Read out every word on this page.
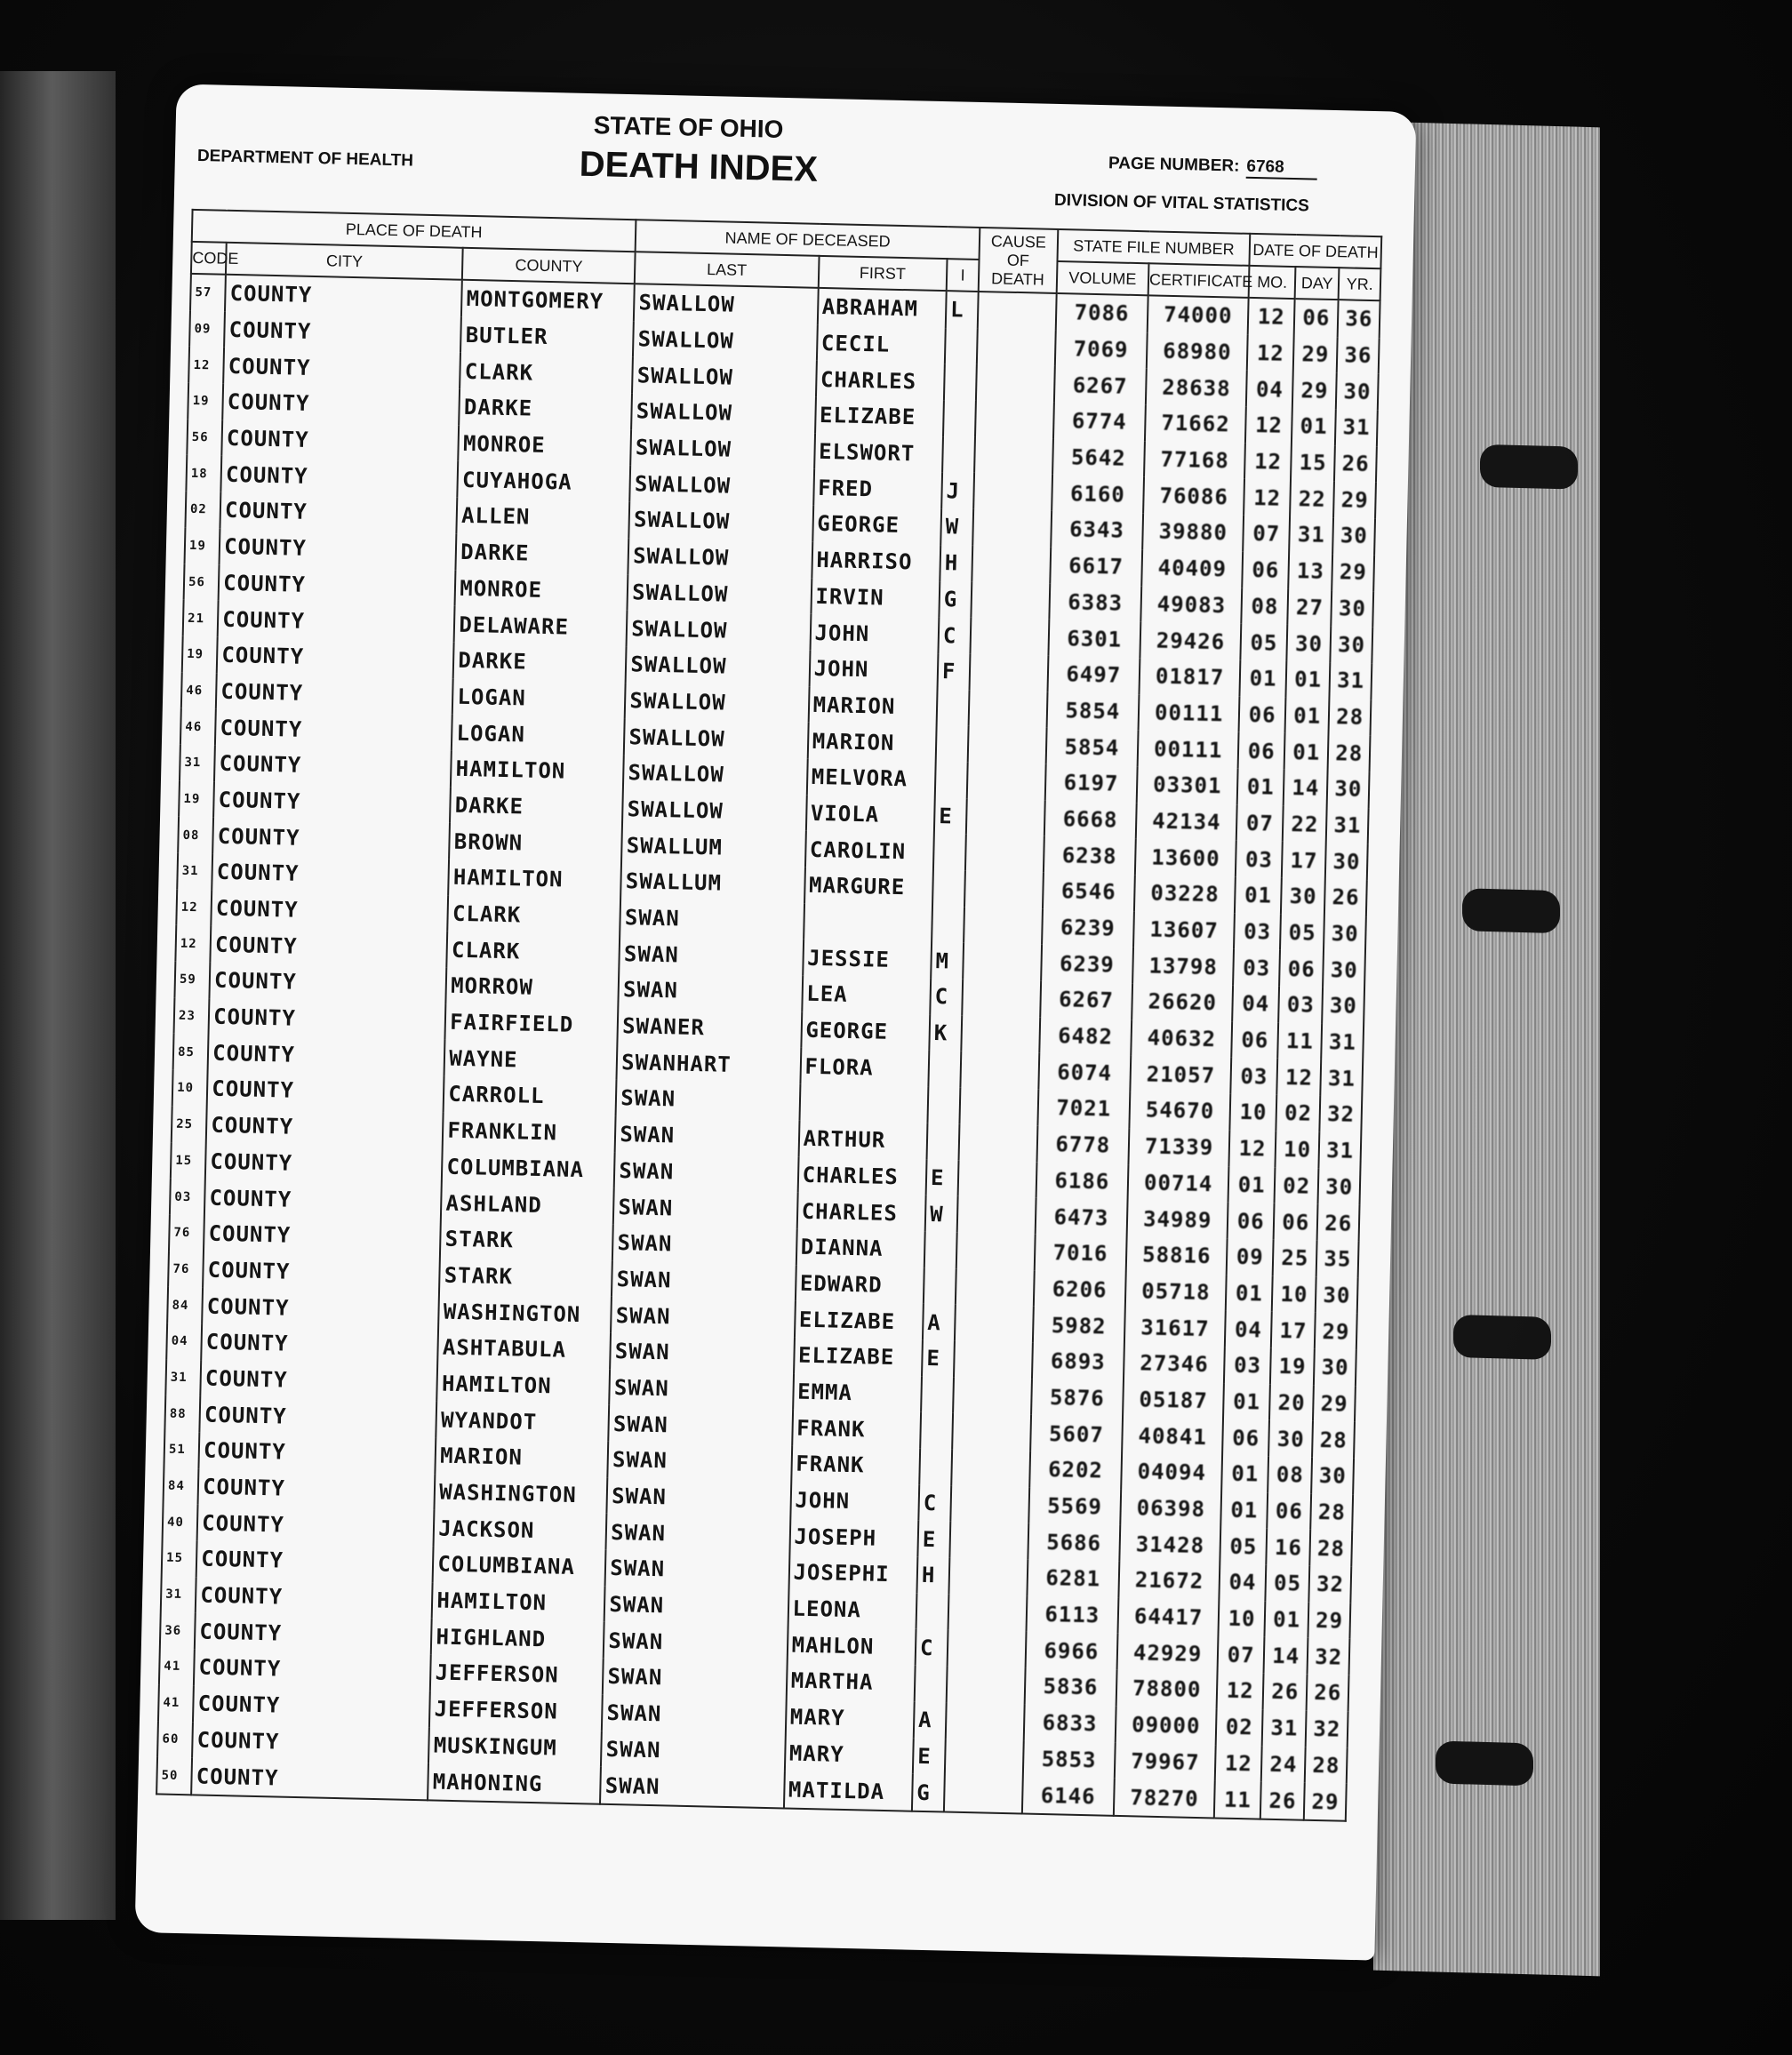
STATE OF OHIO
DEATH INDEX
DEPARTMENT OF HEALTH	PAGE NUMBER: 6768
DIVISION OF VITAL STATISTICS
PLACE OF DEATH			NAME OF DECEASED			CAUSE OF DEATH	STATE FILE NUMBER		DATE OF DEATH		
CODE	CITY	COUNTY	LAST	FIRST	I		VOLUME	CERTIFICATE	MO.	DAY	YR.
57	COUNTY	MONTGOMERY	SWALLOW	ABRAHAM	L		7086	74000	12	06	36
09	COUNTY	BUTLER	SWALLOW	CECIL			7069	68980	12	29	36
12	COUNTY	CLARK	SWALLOW	CHARLES			6267	28638	04	29	30
19	COUNTY	DARKE	SWALLOW	ELIZABE			6774	71662	12	01	31
56	COUNTY	MONROE	SWALLOW	ELSWORT			5642	77168	12	15	26
18	COUNTY	CUYAHOGA	SWALLOW	FRED	J		6160	76086	12	22	29
02	COUNTY	ALLEN	SWALLOW	GEORGE	W		6343	39880	07	31	30
19	COUNTY	DARKE	SWALLOW	HARRISO	H		6617	40409	06	13	29
56	COUNTY	MONROE	SWALLOW	IRVIN	G		6383	49083	08	27	30
21	COUNTY	DELAWARE	SWALLOW	JOHN	C		6301	29426	05	30	30
19	COUNTY	DARKE	SWALLOW	JOHN	F		6497	01817	01	01	31
46	COUNTY	LOGAN	SWALLOW	MARION			5854	00111	06	01	28
46	COUNTY	LOGAN	SWALLOW	MARION			5854	00111	06	01	28
31	COUNTY	HAMILTON	SWALLOW	MELVORA			6197	03301	01	14	30
19	COUNTY	DARKE	SWALLOW	VIOLA	E		6668	42134	07	22	31
08	COUNTY	BROWN	SWALLUM	CAROLIN			6238	13600	03	17	30
31	COUNTY	HAMILTON	SWALLUM	MARGURE			6546	03228	01	30	26
12	COUNTY	CLARK	SWAN				6239	13607	03	05	30
12	COUNTY	CLARK	SWAN	JESSIE	M		6239	13798	03	06	30
59	COUNTY	MORROW	SWAN	LEA	C		6267	26620	04	03	30
23	COUNTY	FAIRFIELD	SWANER	GEORGE	K		6482	40632	06	11	31
85	COUNTY	WAYNE	SWANHART	FLORA			6074	21057	03	12	31
10	COUNTY	CARROLL	SWAN				7021	54670	10	02	32
25	COUNTY	FRANKLIN	SWAN	ARTHUR			6778	71339	12	10	31
15	COUNTY	COLUMBIANA	SWAN	CHARLES	E		6186	00714	01	02	30
03	COUNTY	ASHLAND	SWAN	CHARLES	W		6473	34989	06	06	26
76	COUNTY	STARK	SWAN	DIANNA			7016	58816	09	25	35
76	COUNTY	STARK	SWAN	EDWARD			6206	05718	01	10	30
84	COUNTY	WASHINGTON	SWAN	ELIZABE	A		5982	31617	04	17	29
04	COUNTY	ASHTABULA	SWAN	ELIZABE	E		6893	27346	03	19	30
31	COUNTY	HAMILTON	SWAN	EMMA			5876	05187	01	20	29
88	COUNTY	WYANDOT	SWAN	FRANK			5607	40841	06	30	28
51	COUNTY	MARION	SWAN	FRANK			6202	04094	01	08	30
84	COUNTY	WASHINGTON	SWAN	JOHN	C		5569	06398	01	06	28
40	COUNTY	JACKSON	SWAN	JOSEPH	E		5686	31428	05	16	28
15	COUNTY	COLUMBIANA	SWAN	JOSEPHI	H		6281	21672	04	05	32
31	COUNTY	HAMILTON	SWAN	LEONA			6113	64417	10	01	29
36	COUNTY	HIGHLAND	SWAN	MAHLON	C		6966	42929	07	14	32
41	COUNTY	JEFFERSON	SWAN	MARTHA			5836	78800	12	26	26
41	COUNTY	JEFFERSON	SWAN	MARY	A		6833	09000	02	31	32
60	COUNTY	MUSKINGUM	SWAN	MARY	E		5853	79967	12	24	28
50	COUNTY	MAHONING	SWAN	MATILDA	G		6146	78270	11	26	29
